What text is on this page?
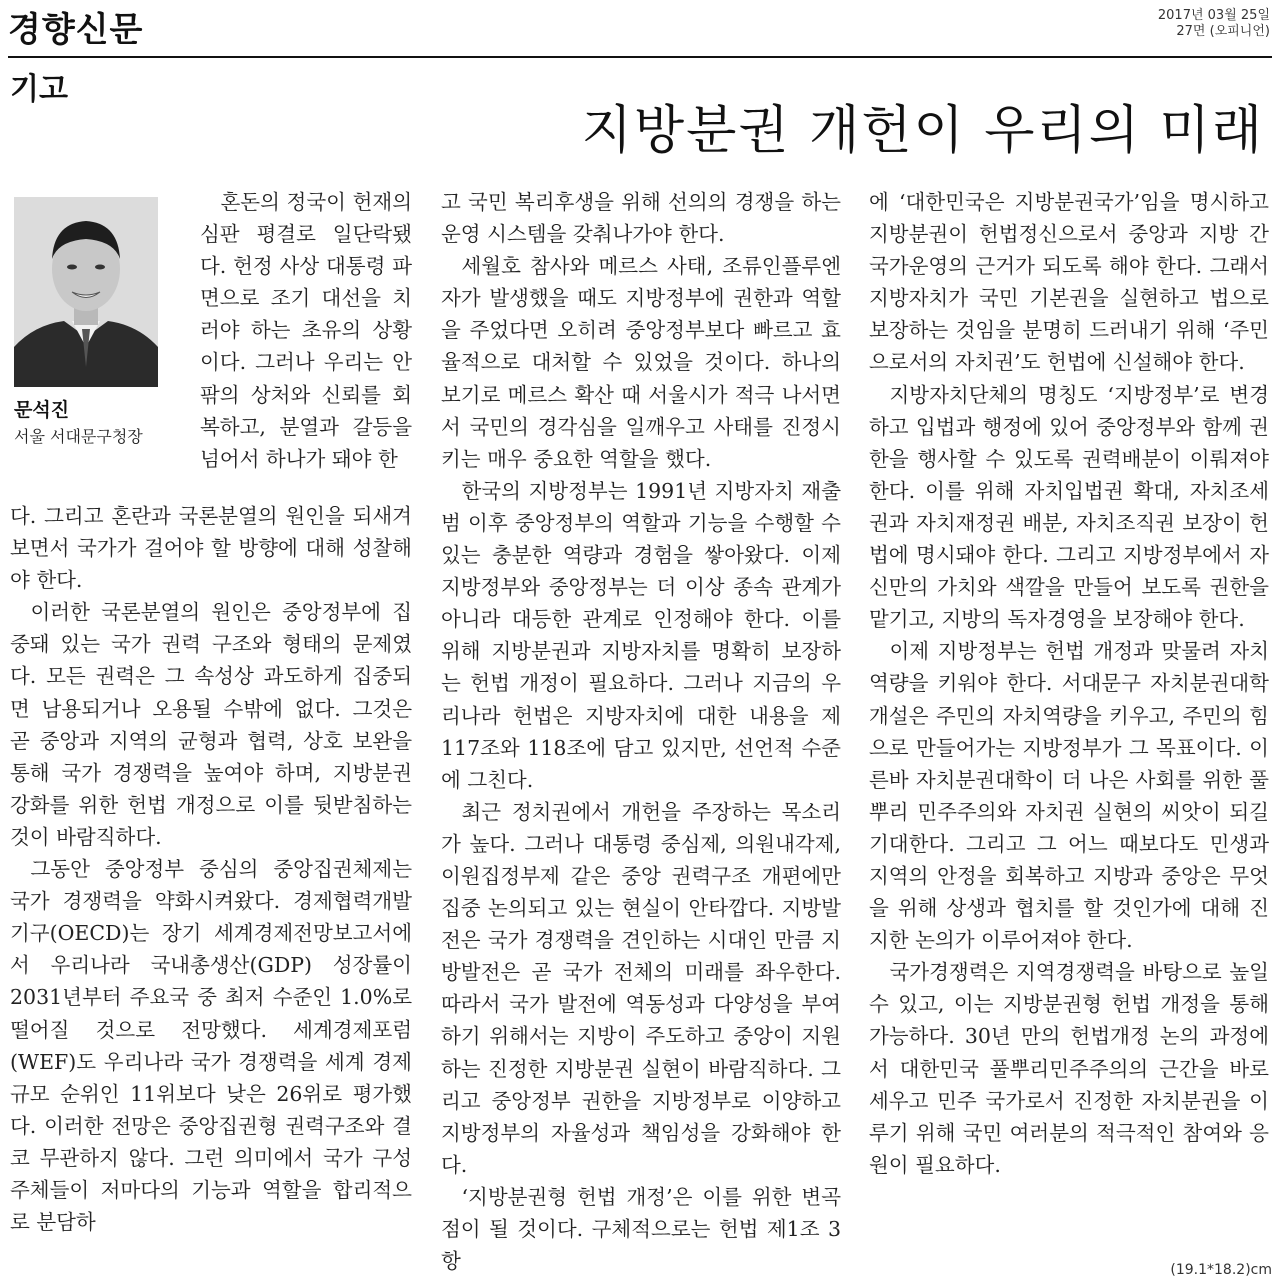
경향신문	2017년 03월 25일
27면 (오피니언)
기고
지방분권 개헌이 우리의 미래
문석진
서울 서대문구청장

혼돈의 정국이 헌재의 심판 평결로 일단락됐다. 헌정 사상 대통령 파면으로 조기 대선을 치러야 하는 초유의 상황이다. 그러나 우리는 안팎의 상처와 신뢰를 회복하고, 분열과 갈등을 넘어서 하나가 돼야 한

다. 그리고 혼란과 국론분열의 원인을 되새겨 보면서 국가가 걸어야 할 방향에 대해 성찰해야 한다.

이러한 국론분열의 원인은 중앙정부에 집중돼 있는 국가 권력 구조와 형태의 문제였다. 모든 권력은 그 속성상 과도하게 집중되면 남용되거나 오용될 수밖에 없다. 그것은 곧 중앙과 지역의 균형과 협력, 상호 보완을 통해 국가 경쟁력을 높여야 하며, 지방분권 강화를 위한 헌법 개정으로 이를 뒷받침하는 것이 바람직하다.

그동안 중앙정부 중심의 중앙집권체제는 국가 경쟁력을 약화시켜왔다. 경제협력개발기구(OECD)는 장기 세계경제전망보고서에서 우리나라 국내총생산(GDP) 성장률이 2031년부터 주요국 중 최저 수준인 1.0%로 떨어질 것으로 전망했다. 세계경제포럼(WEF)도 우리나라 국가 경쟁력을 세계 경제 규모 순위인 11위보다 낮은 26위로 평가했다. 이러한 전망은 중앙집권형 권력구조와 결코 무관하지 않다. 그런 의미에서 국가 구성 주체들이 저마다의 기능과 역할을 합리적으로 분담하

고 국민 복리후생을 위해 선의의 경쟁을 하는 운영 시스템을 갖춰나가야 한다.

세월호 참사와 메르스 사태, 조류인플루엔자가 발생했을 때도 지방정부에 권한과 역할을 주었다면 오히려 중앙정부보다 빠르고 효율적으로 대처할 수 있었을 것이다. 하나의 보기로 메르스 확산 때 서울시가 적극 나서면서 국민의 경각심을 일깨우고 사태를 진정시키는 매우 중요한 역할을 했다.

한국의 지방정부는 1991년 지방자치 재출범 이후 중앙정부의 역할과 기능을 수행할 수 있는 충분한 역량과 경험을 쌓아왔다. 이제 지방정부와 중앙정부는 더 이상 종속 관계가 아니라 대등한 관계로 인정해야 한다. 이를 위해 지방분권과 지방자치를 명확히 보장하는 헌법 개정이 필요하다. 그러나 지금의 우리나라 헌법은 지방자치에 대한 내용을 제117조와 118조에 담고 있지만, 선언적 수준에 그친다.

최근 정치권에서 개헌을 주장하는 목소리가 높다. 그러나 대통령 중심제, 의원내각제, 이원집정부제 같은 중앙 권력구조 개편에만 집중 논의되고 있는 현실이 안타깝다. 지방발전은 국가 경쟁력을 견인하는 시대인 만큼 지방발전은 곧 국가 전체의 미래를 좌우한다. 따라서 국가 발전에 역동성과 다양성을 부여하기 위해서는 지방이 주도하고 중앙이 지원하는 진정한 지방분권 실현이 바람직하다. 그리고 중앙정부 권한을 지방정부로 이양하고 지방정부의 자율성과 책임성을 강화해야 한다.

‘지방분권형 헌법 개정’은 이를 위한 변곡점이 될 것이다. 구체적으로는 헌법 제1조 3항

에 ‘대한민국은 지방분권국가’임을 명시하고 지방분권이 헌법정신으로서 중앙과 지방 간 국가운영의 근거가 되도록 해야 한다. 그래서 지방자치가 국민 기본권을 실현하고 법으로 보장하는 것임을 분명히 드러내기 위해 ‘주민으로서의 자치권’도 헌법에 신설해야 한다.

지방자치단체의 명칭도 ‘지방정부’로 변경하고 입법과 행정에 있어 중앙정부와 함께 권한을 행사할 수 있도록 권력배분이 이뤄져야 한다. 이를 위해 자치입법권 확대, 자치조세권과 자치재정권 배분, 자치조직권 보장이 헌법에 명시돼야 한다. 그리고 지방정부에서 자신만의 가치와 색깔을 만들어 보도록 권한을 맡기고, 지방의 독자경영을 보장해야 한다.

이제 지방정부는 헌법 개정과 맞물려 자치역량을 키워야 한다. 서대문구 자치분권대학 개설은 주민의 자치역량을 키우고, 주민의 힘으로 만들어가는 지방정부가 그 목표이다. 이른바 자치분권대학이 더 나은 사회를 위한 풀뿌리 민주주의와 자치권 실현의 씨앗이 되길 기대한다. 그리고 그 어느 때보다도 민생과 지역의 안정을 회복하고 지방과 중앙은 무엇을 위해 상생과 협치를 할 것인가에 대해 진지한 논의가 이루어져야 한다.

국가경쟁력은 지역경쟁력을 바탕으로 높일 수 있고, 이는 지방분권형 헌법 개정을 통해 가능하다. 30년 만의 헌법개정 논의 과정에서 대한민국 풀뿌리민주주의의 근간을 바로 세우고 민주 국가로서 진정한 자치분권을 이루기 위해 국민 여러분의 적극적인 참여와 응원이 필요하다.

(19.1*18.2)cm
